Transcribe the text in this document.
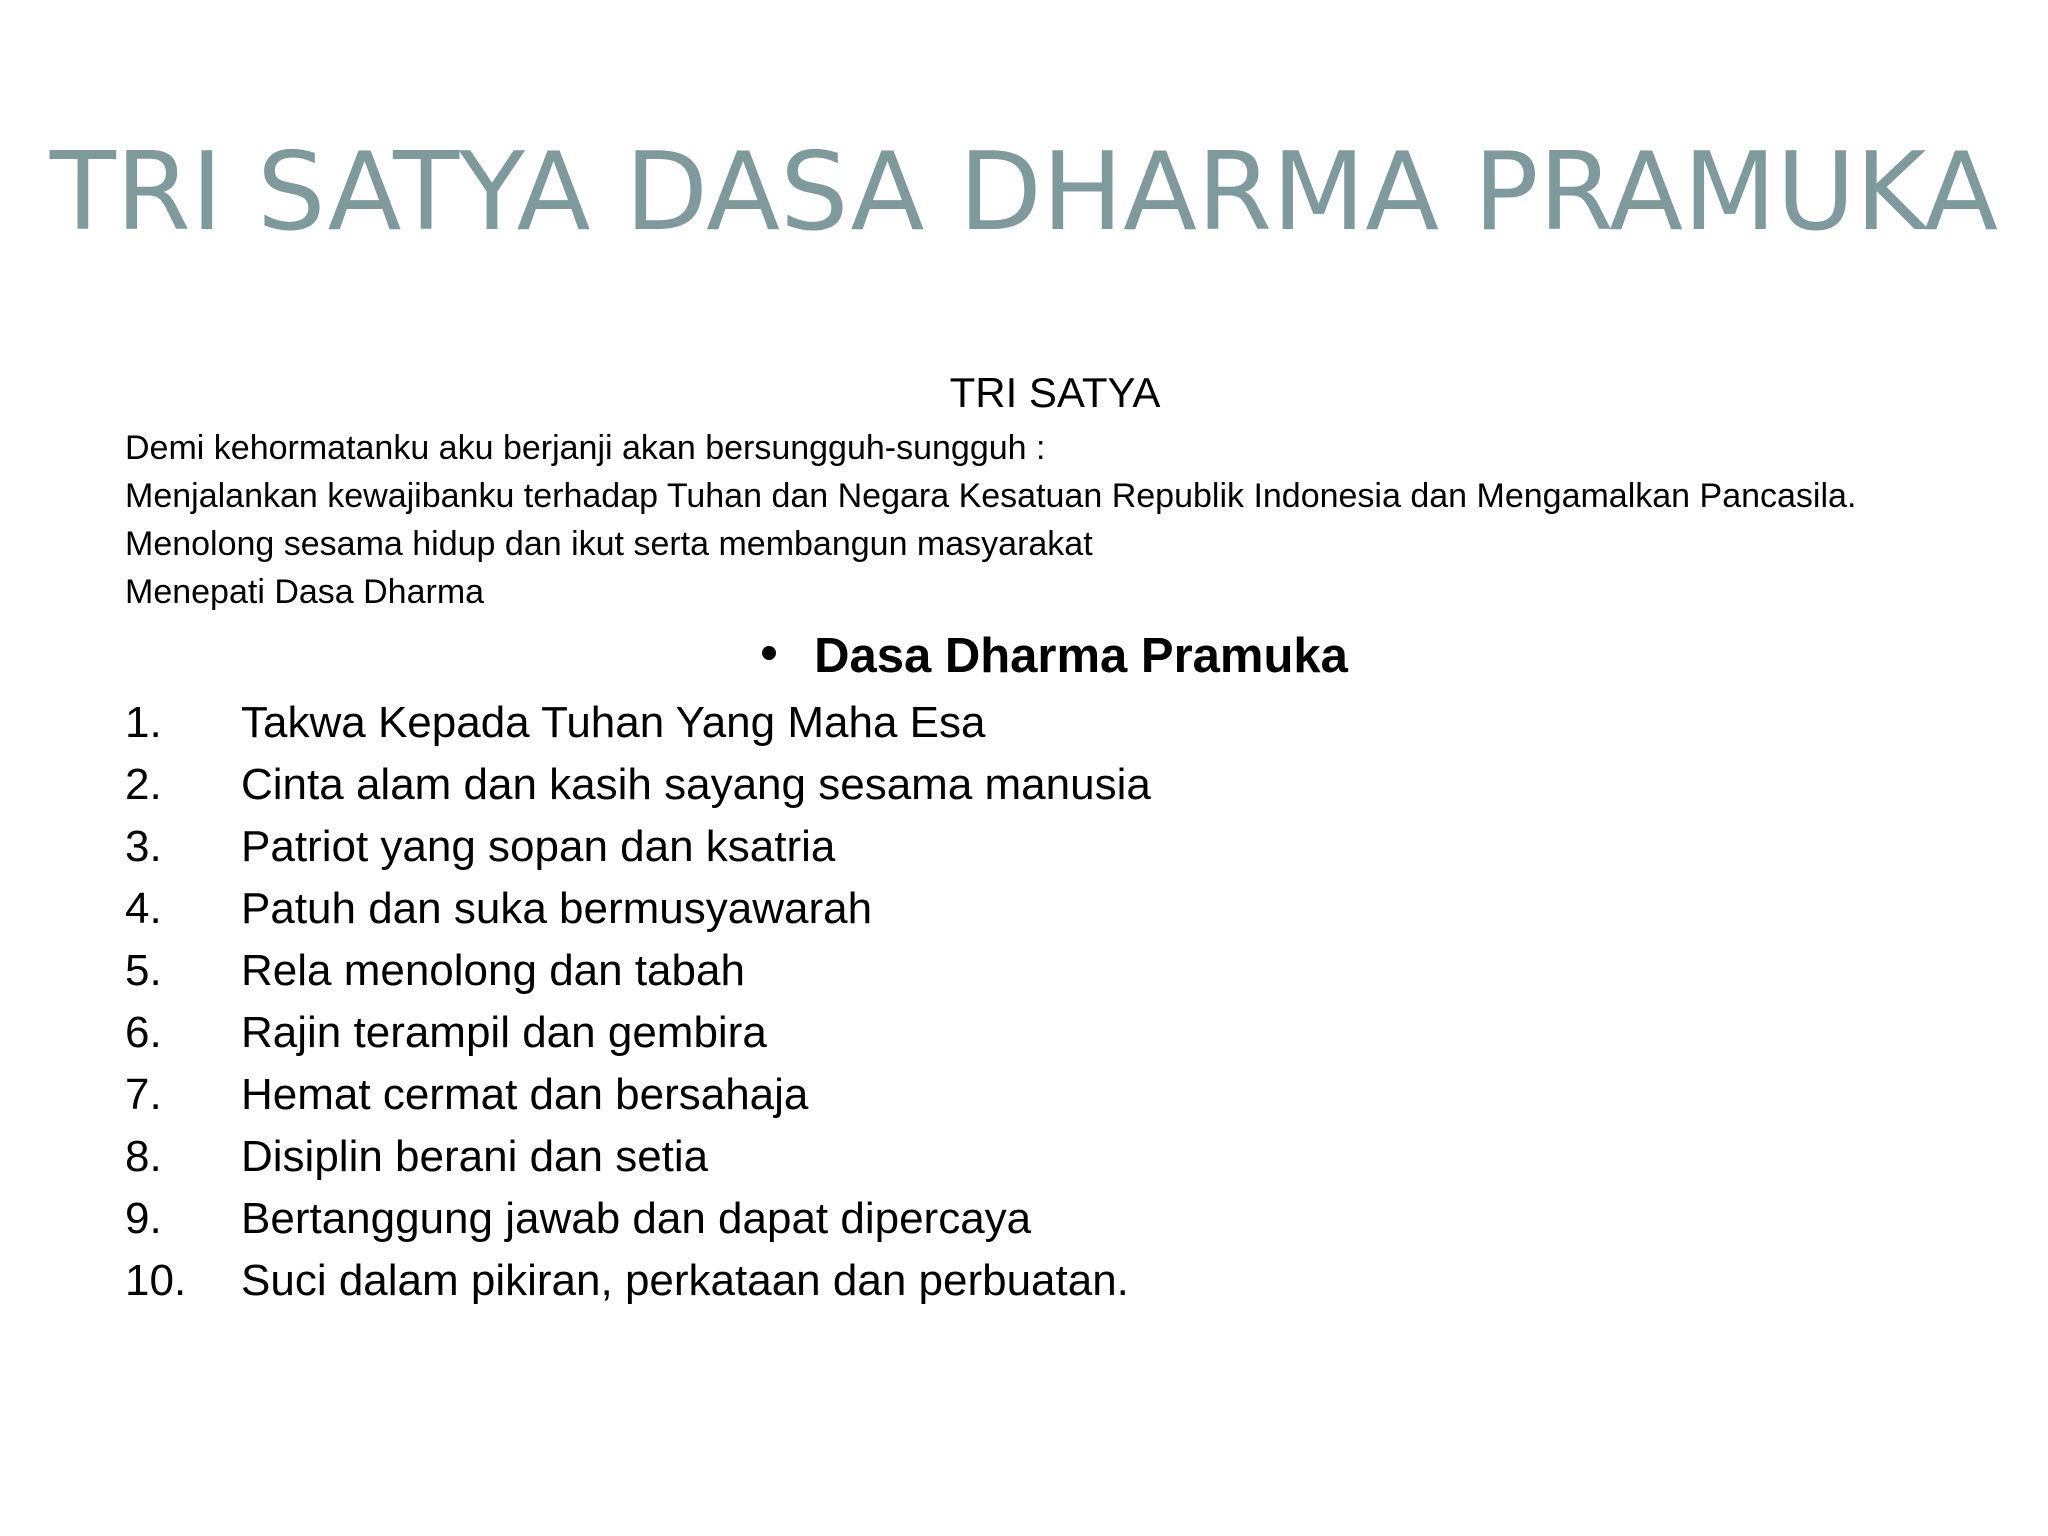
TRI SATYA DASA DHARMA PRAMUKA

TRI SATYA

Demi kehormatanku aku berjanji akan bersungguh-sungguh :

Menjalankan kewajibanku terhadap Tuhan dan Negara Kesatuan Republik Indonesia dan Mengamalkan Pancasila.

Menolong sesama hidup dan ikut serta membangun masyarakat

Menepati Dasa Dharma

Dasa Dharma Pramuka

1.	Takwa Kepada Tuhan Yang Maha Esa
2.	Cinta alam dan kasih sayang sesama manusia
3.	Patriot yang sopan dan ksatria
4.	Patuh dan suka bermusyawarah
5.	Rela menolong dan tabah
6.	Rajin terampil dan gembira
7.	Hemat cermat dan bersahaja
8.	Disiplin berani dan setia
9.	Bertanggung jawab dan dapat dipercaya
10.	Suci dalam pikiran, perkataan dan perbuatan.
